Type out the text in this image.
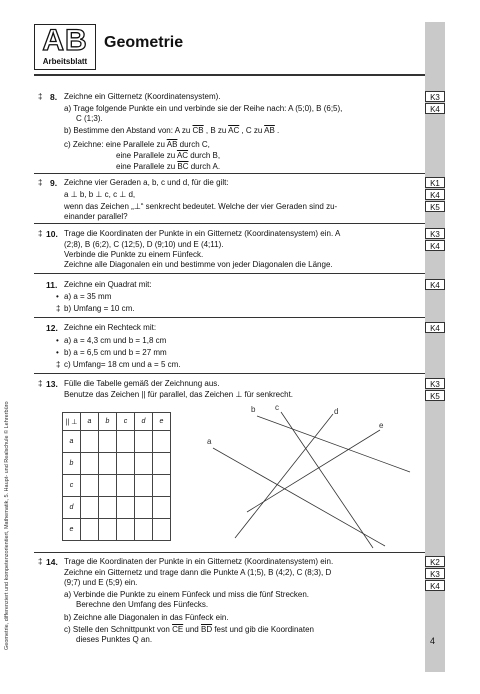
AB
Arbeitsblatt
Geometrie
‡ 8. Zeichne ein Gitternetz (Koordinatensystem).
a) Trage folgende Punkte ein und verbinde sie der Reihe nach: A (5;0), B (6;5),
C (1;3).
b) Bestimme den Abstand von: A zu $\overline{CB}$ , B zu $\overline{AC}$ , C zu $\overline{AB}$ .
c) Zeichne: eine Parallele zu $\overline{AB}$ durch C,
eine Parallele zu $\overline{AC}$ durch B,
eine Parallele zu $\overline{BC}$ durch A.
K3
K4
‡ 9. Zeichne vier Geraden a, b, c und d, für die gilt:
a ⊥ b, b ⊥ c, c ⊥ d,
wenn das Zeichen „⊥“ senkrecht bedeutet. Welche der vier Geraden sind zu-
einander parallel?
K1
K4
K5
‡ 10. Trage die Koordinaten der Punkte in ein Gitternetz (Koordinatensystem) ein. A
(2;8), B (6;2), C (12;5), D (9;10) und E (4;11).
Verbinde die Punkte zu einem Fünfeck.
Zeichne alle Diagonalen ein und bestimme von jeder Diagonalen die Länge.
K3
K4
11. Zeichne ein Quadrat mit:
• a) a = 35 mm
‡ b) Umfang = 10 cm.
K4
12. Zeichne ein Rechteck mit:
• a) a = 4,3 cm und b = 1,8 cm
• b) a = 6,5 cm und b = 27 mm
‡ c) Umfang= 18 cm und a = 5 cm.
K4
‡ 13. Fülle die Tabelle gemäß der Zeichnung aus.
Benutze das Zeichen || für parallel, das Zeichen ⊥ für senkrecht.
K3
K5
|| ⊥	a	b	c	d	e
a					
b					
c					
d					
e					
a
b c	d
e
‡ 14. Trage die Koordinaten der Punkte in ein Gitternetz (Koordinatensystem) ein.
Zeichne ein Gitternetz und trage dann die Punkte A (1;5), B (4;2), C (8;3), D
(9;7) und E (5;9) ein.
a) Verbinde die Punkte zu einem Fünfeck und miss die fünf Strecken.
Berechne den Umfang des Fünfecks.
b) Zeichne alle Diagonalen in das Fünfeck ein.
c) Stelle den Schnittpunkt von $\overline{CE}$ und $\overline{BD}$ fest und gib die Koordinaten
dieses Punktes Q an.
K2
K3
K4
Geometrie, differenziert und kompetenzorientiert, Mathematik, 5. Haupt- und Realschule © Lehrerbüro	4
